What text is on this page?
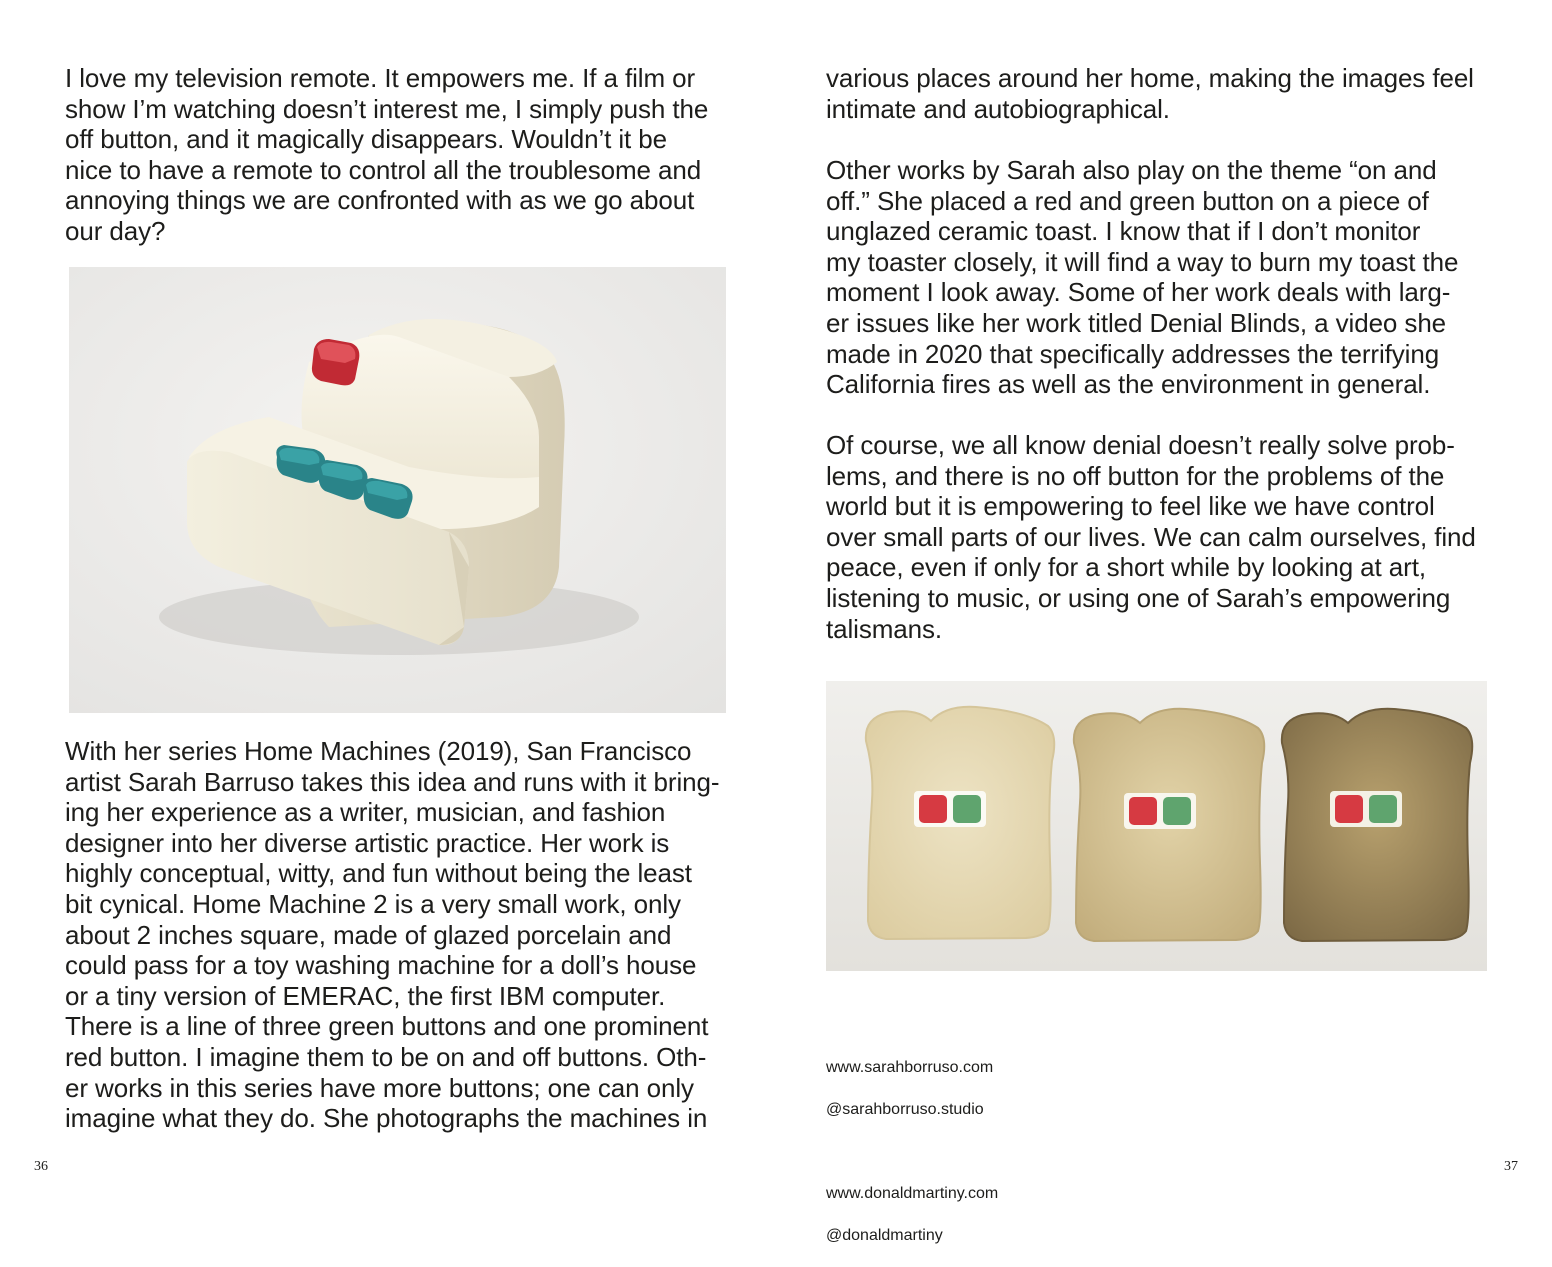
I love my television remote. It empowers me. If a film or
show I’m watching doesn’t interest me, I simply push the
off button, and it magically disappears. Wouldn’t it be
nice to have a remote to control all the troublesome and
annoying things we are confronted with as we go about
our day?

With her series Home Machines (2019), San Francisco
artist Sarah Barruso takes this idea and runs with it bring-
ing her experience as a writer, musician, and fashion
designer into her diverse artistic practice. Her work is
highly conceptual, witty, and fun without being the least
bit cynical. Home Machine 2 is a very small work, only
about 2 inches square, made of glazed porcelain and
could pass for a toy washing machine for a doll’s house
or a tiny version of EMERAC, the first IBM computer.
There is a line of three green buttons and one prominent
red button. I imagine them to be on and off buttons. Oth-
er works in this series have more buttons; one can only
imagine what they do. She photographs the machines in

36

various places around her home, making the images feel
intimate and autobiographical.

Other works by Sarah also play on the theme “on and
off.” She placed a red and green button on a piece of
unglazed ceramic toast. I know that if I don’t monitor
my toaster closely, it will find a way to burn my toast the
moment I look away. Some of her work deals with larg-
er issues like her work titled Denial Blinds, a video she
made in 2020 that specifically addresses the terrifying
California fires as well as the environment in general.

Of course, we all know denial doesn’t really solve prob-
lems, and there is no off button for the problems of the
world but it is empowering to feel like we have control
over small parts of our lives. We can calm ourselves, find
peace, even if only for a short while by looking at art,
listening to music, or using one of Sarah’s empowering
talismans.

www.sarahborruso.com

@sarahborruso.studio

www.donaldmartiny.com

@donaldmartiny

37
